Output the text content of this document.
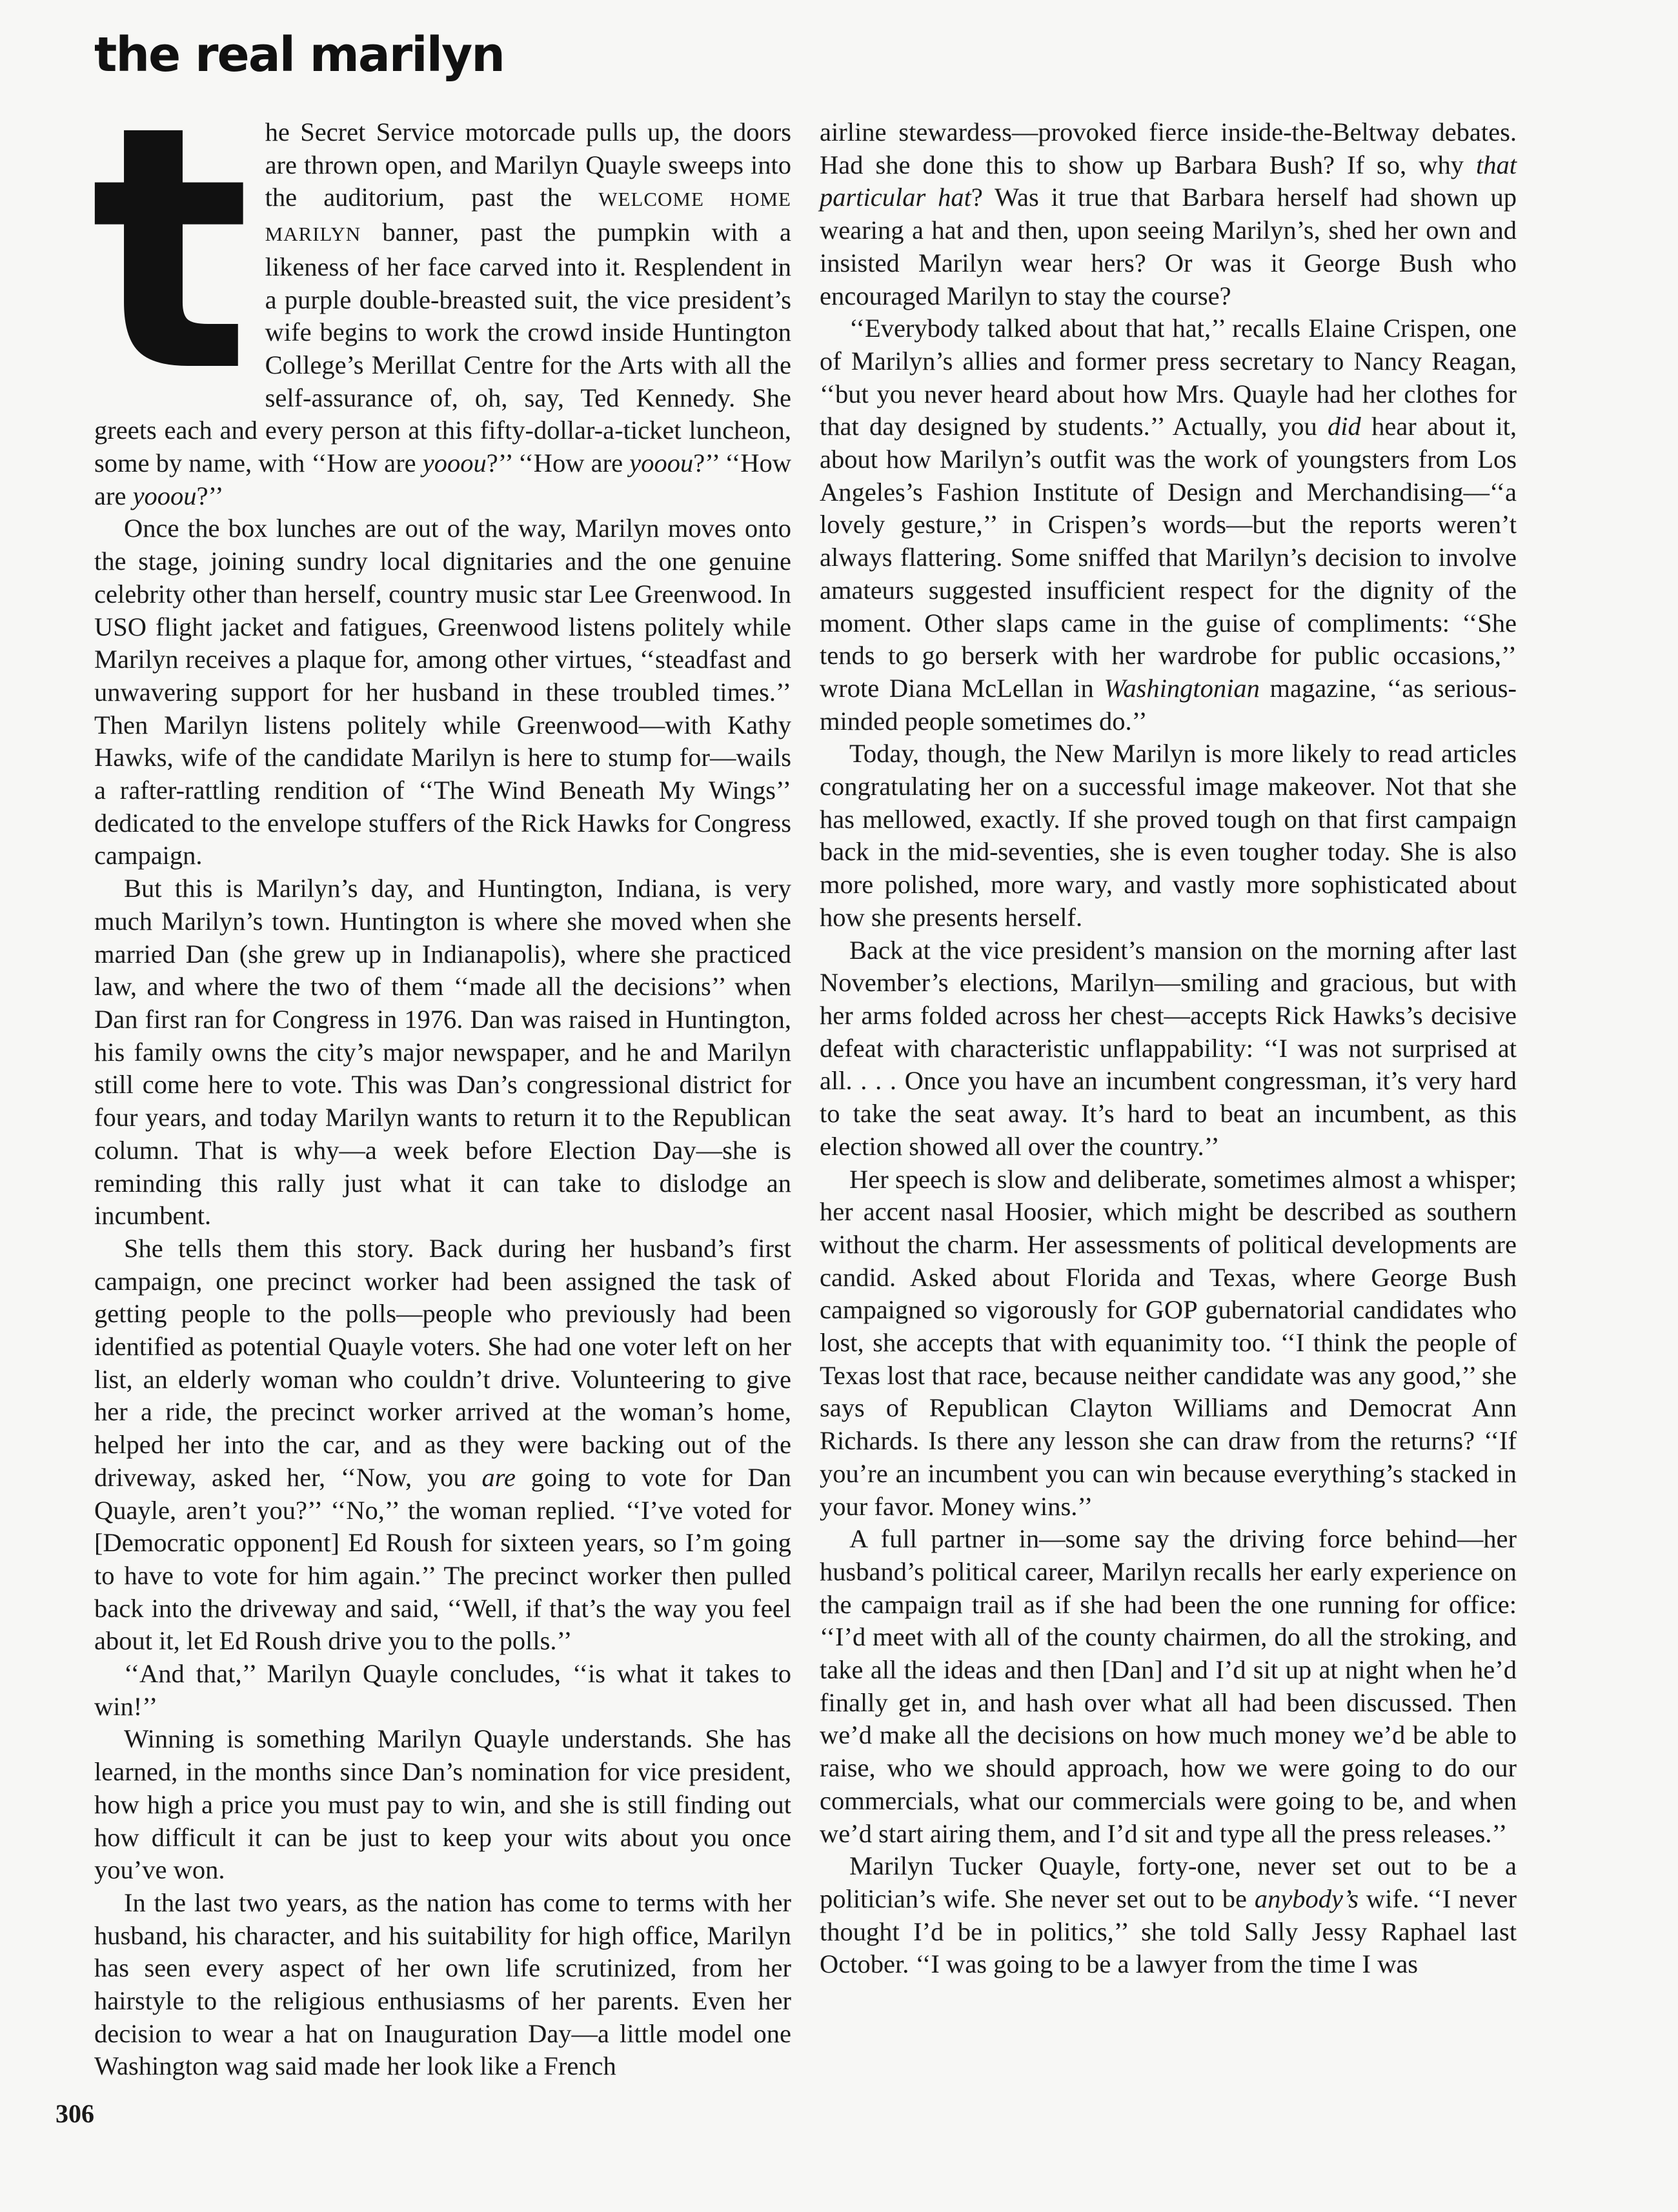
the real marilyn

the Secret Service motorcade pulls up, the doors are thrown open, and Marilyn Quayle sweeps into the auditorium, past the WELCOME HOME MARILYN banner, past the pumpkin with a likeness of her face carved into it. Resplendent in a purple double-breasted suit, the vice president’s wife begins to work the crowd inside Huntington College’s Merillat Centre for the Arts with all the self-assurance of, oh, say, Ted Kennedy. She greets each and every person at this fifty-dollar-a-ticket luncheon, some by name, with ‘‘How are yooou?’’ ‘‘How are yooou?’’ ‘‘How are yooou?’’

Once the box lunches are out of the way, Marilyn moves onto the stage, joining sundry local dignitaries and the one genuine celebrity other than herself, country music star Lee Greenwood. In USO flight jacket and fatigues, Greenwood listens politely while Marilyn receives a plaque for, among other virtues, ‘‘steadfast and unwavering support for her husband in these troubled times.’’ Then Marilyn listens politely while Greenwood—with Kathy Hawks, wife of the candidate Marilyn is here to stump for—wails a rafter-rattling rendition of ‘‘The Wind Beneath My Wings’’ dedicated to the envelope stuffers of the Rick Hawks for Congress campaign.

But this is Marilyn’s day, and Huntington, Indiana, is very much Marilyn’s town. Huntington is where she moved when she married Dan (she grew up in Indianapolis), where she practiced law, and where the two of them ‘‘made all the decisions’’ when Dan first ran for Congress in 1976. Dan was raised in Huntington, his family owns the city’s major newspaper, and he and Marilyn still come here to vote. This was Dan’s congressional district for four years, and today Marilyn wants to return it to the Republican column. That is why—a week before Election Day—she is reminding this rally just what it can take to dislodge an incumbent.

She tells them this story. Back during her husband’s first campaign, one precinct worker had been assigned the task of getting people to the polls—people who previously had been identified as potential Quayle voters. She had one voter left on her list, an elderly woman who couldn’t drive. Volunteering to give her a ride, the precinct worker arrived at the woman’s home, helped her into the car, and as they were backing out of the driveway, asked her, ‘‘Now, you are going to vote for Dan Quayle, aren’t you?’’ ‘‘No,’’ the woman replied. ‘‘I’ve voted for [Democratic opponent] Ed Roush for sixteen years, so I’m going to have to vote for him again.’’ The precinct worker then pulled back into the driveway and said, ‘‘Well, if that’s the way you feel about it, let Ed Roush drive you to the polls.’’

‘‘And that,’’ Marilyn Quayle concludes, ‘‘is what it takes to win!’’

Winning is something Marilyn Quayle understands. She has learned, in the months since Dan’s nomination for vice president, how high a price you must pay to win, and she is still finding out how difficult it can be just to keep your wits about you once you’ve won.

In the last two years, as the nation has come to terms with her husband, his character, and his suitability for high office, Marilyn has seen every aspect of her own life scrutinized, from her hairstyle to the religious enthusiasms of her parents. Even her decision to wear a hat on Inauguration Day—a little model one Washington wag said made her look like a French

airline stewardess—provoked fierce inside-the-Beltway debates. Had she done this to show up Barbara Bush? If so, why that particular hat? Was it true that Barbara herself had shown up wearing a hat and then, upon seeing Marilyn’s, shed her own and insisted Marilyn wear hers? Or was it George Bush who encouraged Marilyn to stay the course?

‘‘Everybody talked about that hat,’’ recalls Elaine Crispen, one of Marilyn’s allies and former press secretary to Nancy Reagan, ‘‘but you never heard about how Mrs. Quayle had her clothes for that day designed by students.’’ Actually, you did hear about it, about how Marilyn’s outfit was the work of youngsters from Los Angeles’s Fashion Institute of Design and Merchandising—‘‘a lovely gesture,’’ in Crispen’s words—but the reports weren’t always flattering. Some sniffed that Marilyn’s decision to involve amateurs suggested insufficient respect for the dignity of the moment. Other slaps came in the guise of compliments: ‘‘She tends to go berserk with her wardrobe for public occasions,’’ wrote Diana McLellan in Washingtonian magazine, ‘‘as serious-minded people sometimes do.’’

Today, though, the New Marilyn is more likely to read articles congratulating her on a successful image makeover. Not that she has mellowed, exactly. If she proved tough on that first campaign back in the mid-seventies, she is even tougher today. She is also more polished, more wary, and vastly more sophisticated about how she presents herself.

Back at the vice president’s mansion on the morning after last November’s elections, Marilyn—smiling and gracious, but with her arms folded across her chest—accepts Rick Hawks’s decisive defeat with characteristic unflappability: ‘‘I was not surprised at all. . . . Once you have an incumbent congressman, it’s very hard to take the seat away. It’s hard to beat an incumbent, as this election showed all over the country.’’

Her speech is slow and deliberate, sometimes almost a whisper; her accent nasal Hoosier, which might be described as southern without the charm. Her assessments of political developments are candid. Asked about Florida and Texas, where George Bush campaigned so vigorously for GOP gubernatorial candidates who lost, she accepts that with equanimity too. ‘‘I think the people of Texas lost that race, because neither candidate was any good,’’ she says of Republican Clayton Williams and Democrat Ann Richards. Is there any lesson she can draw from the returns? ‘‘If you’re an incumbent you can win because everything’s stacked in your favor. Money wins.’’

A full partner in—some say the driving force behind—her husband’s political career, Marilyn recalls her early experience on the campaign trail as if she had been the one running for office: ‘‘I’d meet with all of the county chairmen, do all the stroking, and take all the ideas and then [Dan] and I’d sit up at night when he’d finally get in, and hash over what all had been discussed. Then we’d make all the decisions on how much money we’d be able to raise, who we should approach, how we were going to do our commercials, what our commercials were going to be, and when we’d start airing them, and I’d sit and type all the press releases.’’

Marilyn Tucker Quayle, forty-one, never set out to be a politician’s wife. She never set out to be anybody’s wife. ‘‘I never thought I’d be in politics,’’ she told Sally Jessy Raphael last October. ‘‘I was going to be a lawyer from the time I was

306
